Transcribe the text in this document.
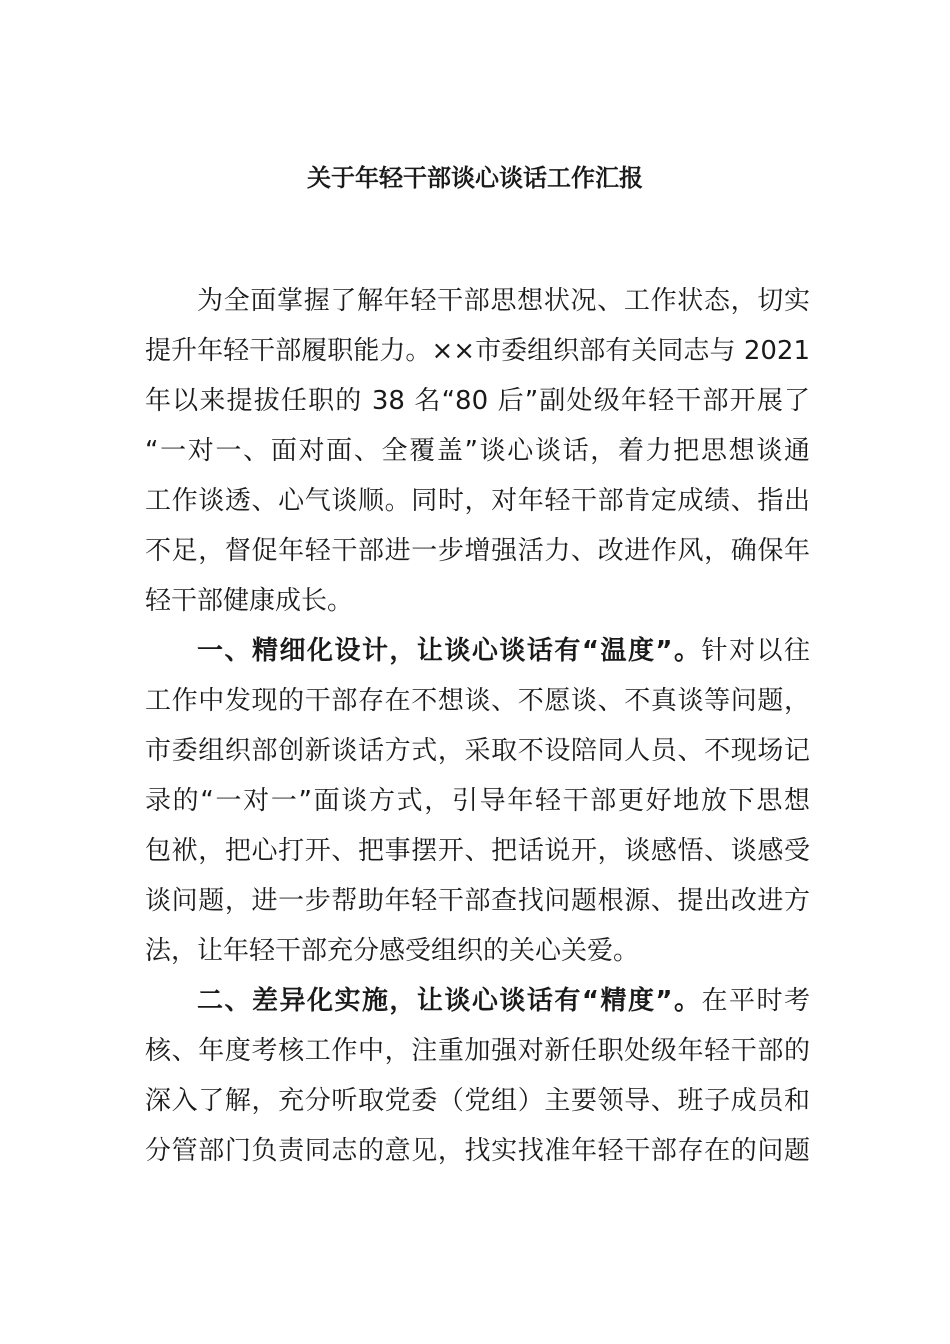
关于年轻干部谈心谈话工作汇报

为全面掌握了解年轻干部思想状况、工作状态，切实

提升年轻干部履职能力。××市委组织部有关同志与 2021

年以来提拔任职的 38 名“80 后”副处级年轻干部开展了

“一对一、面对面、全覆盖”谈心谈话，着力把思想谈通

工作谈透、心气谈顺。同时，对年轻干部肯定成绩、指出

不足，督促年轻干部进一步增强活力、改进作风，确保年

轻干部健康成长。

一、精细化设计，让谈心谈话有“温度”。针对以往

工作中发现的干部存在不想谈、不愿谈、不真谈等问题，

市委组织部创新谈话方式，采取不设陪同人员、不现场记

录的“一对一”面谈方式，引导年轻干部更好地放下思想

包袱，把心打开、把事摆开、把话说开，谈感悟、谈感受

谈问题，进一步帮助年轻干部查找问题根源、提出改进方

法，让年轻干部充分感受组织的关心关爱。

二、差异化实施，让谈心谈话有“精度”。在平时考

核、年度考核工作中，注重加强对新任职处级年轻干部的

深入了解，充分听取党委（党组）主要领导、班子成员和

分管部门负责同志的意见，找实找准年轻干部存在的问题
